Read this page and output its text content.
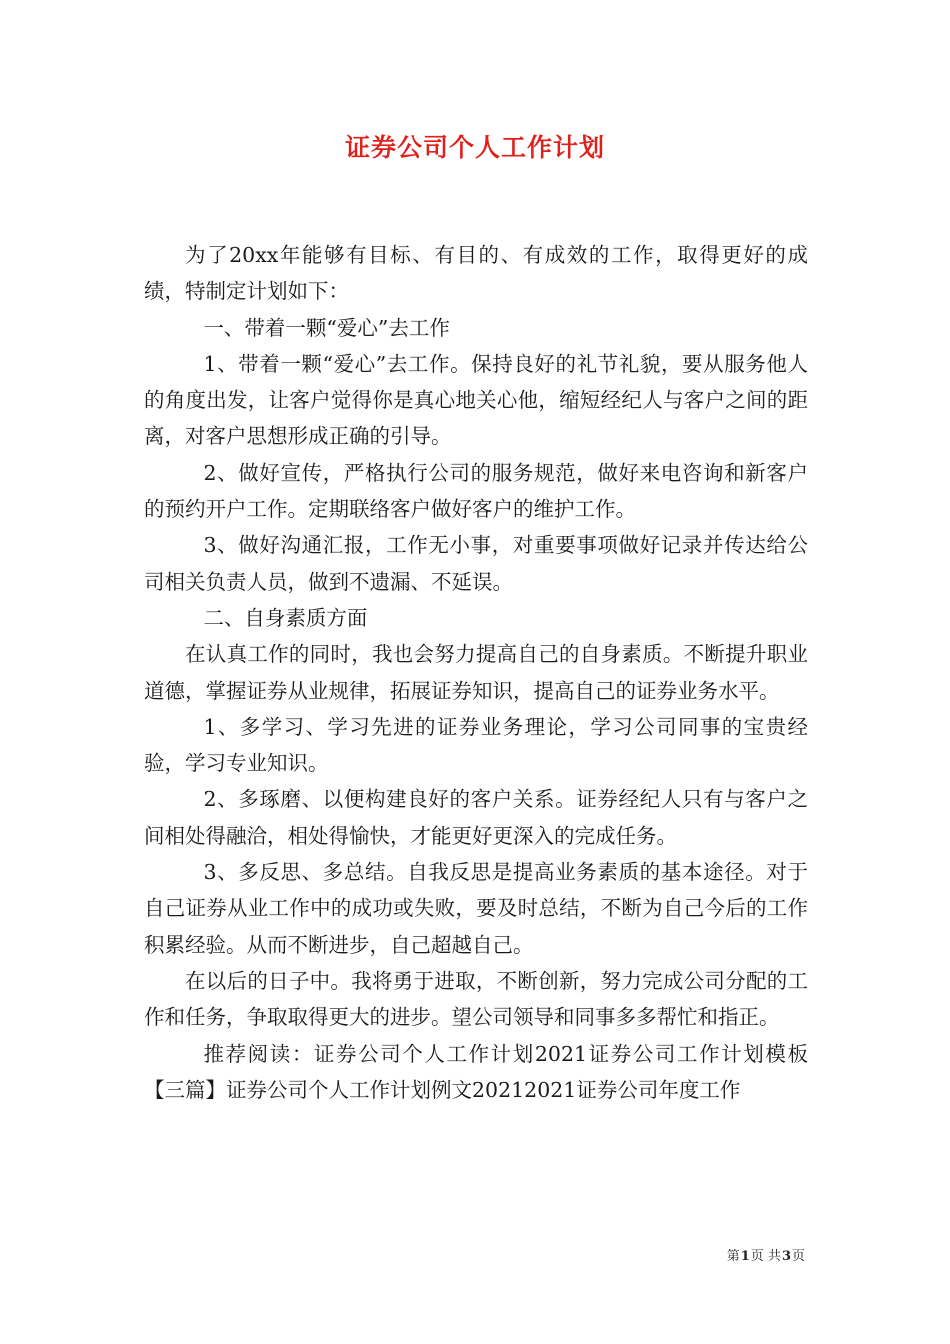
证券公司个人工作计划

为了20xx年能够有目标、有目的、有成效的工作，取得更好的成绩，特制定计划如下：

一、带着一颗“爱心”去工作

1、带着一颗“爱心”去工作。保持良好的礼节礼貌，要从服务他人的角度出发，让客户觉得你是真心地关心他，缩短经纪人与客户之间的距离，对客户思想形成正确的引导。

2、做好宣传，严格执行公司的服务规范，做好来电咨询和新客户的预约开户工作。定期联络客户做好客户的维护工作。

3、做好沟通汇报，工作无小事，对重要事项做好记录并传达给公司相关负责人员，做到不遗漏、不延误。

二、自身素质方面

在认真工作的同时，我也会努力提高自己的自身素质。不断提升职业道德，掌握证券从业规律，拓展证券知识，提高自己的证券业务水平。

1、多学习、学习先进的证券业务理论，学习公司同事的宝贵经验，学习专业知识。

2、多琢磨、以便构建良好的客户关系。证券经纪人只有与客户之间相处得融洽，相处得愉快，才能更好更深入的完成任务。

3、多反思、多总结。自我反思是提高业务素质的基本途径。对于自己证券从业工作中的成功或失败，要及时总结，不断为自己今后的工作积累经验。从而不断进步，自己超越自己。

在以后的日子中。我将勇于进取，不断创新，努力完成公司分配的工作和任务，争取取得更大的进步。望公司领导和同事多多帮忙和指正。

推荐阅读：证券公司个人工作计划2021证券公司工作计划模板【三篇】证券公司个人工作计划例文20212021证券公司年度工作

第1页 共3页
